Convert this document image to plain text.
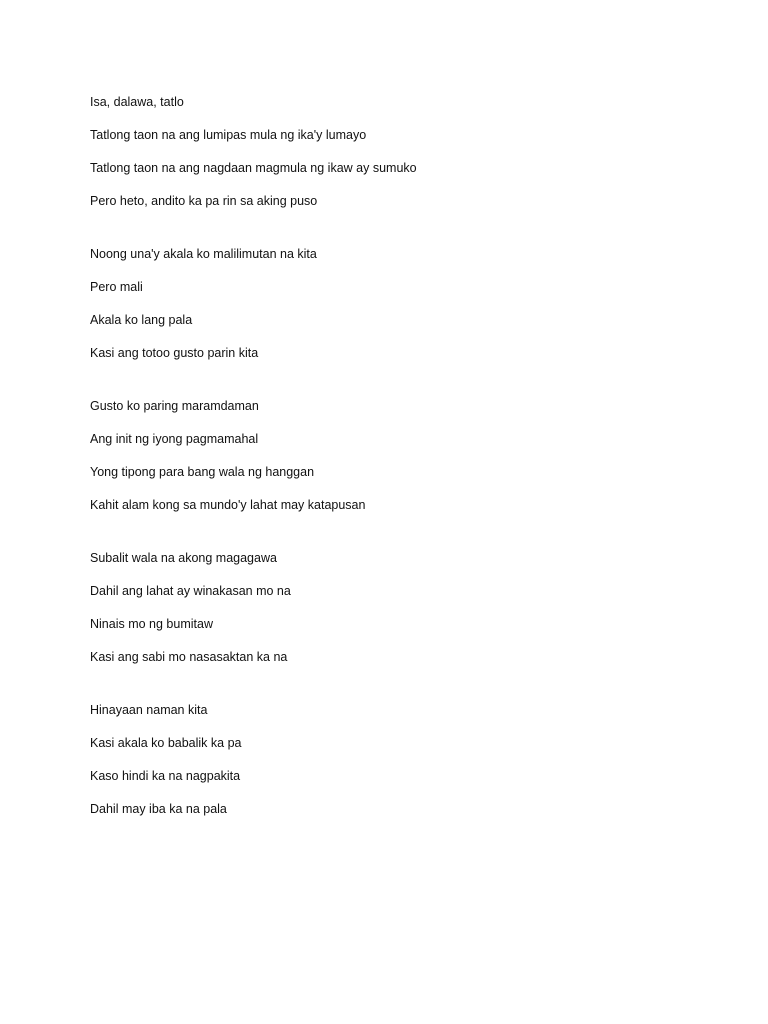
Isa, dalawa, tatlo
Tatlong taon na ang lumipas mula ng ika'y lumayo
Tatlong taon na ang nagdaan magmula ng ikaw ay sumuko
Pero heto, andito ka pa rin sa aking puso
Noong una'y akala ko malilimutan na kita
Pero mali
Akala ko lang pala
Kasi ang totoo gusto parin kita
Gusto ko paring maramdaman
Ang init ng iyong pagmamahal
Yong tipong para bang wala ng hanggan
Kahit alam kong sa mundo'y lahat may katapusan
Subalit wala na akong magagawa
Dahil ang lahat ay winakasan mo na
Ninais mo ng bumitaw
Kasi ang sabi mo nasasaktan ka na
Hinayaan naman kita
Kasi akala ko babalik ka pa
Kaso hindi ka na nagpakita
Dahil may iba ka na pala
